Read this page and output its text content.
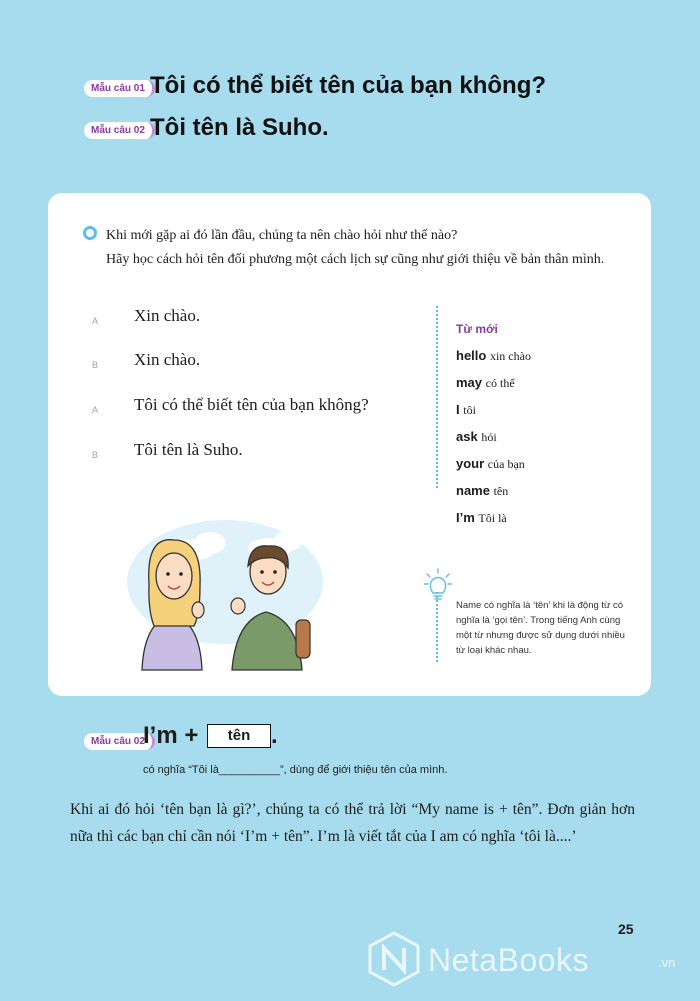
Mẫu câu 01 Tôi có thể biết tên của bạn không?
Mẫu câu 02 Tôi tên là Suho.
Khi mới gặp ai đó lần đầu, chúng ta nên chào hỏi như thế nào?
Hãy học cách hỏi tên đối phương một cách lịch sự cũng như giới thiệu về bản thân mình.
A Xin chào.
B Xin chào.
A Tôi có thể biết tên của bạn không?
B Tôi tên là Suho.
Từ mới
hello xin chào
may có thể
I tôi
ask hỏi
your của bạn
name tên
I’m Tôi là
Name có nghĩa là ‘tên’ khi là động từ có nghĩa là ‘gọi tên’. Trong tiếng Anh cùng một từ nhưng được sử dụng dưới nhiều từ loại khác nhau.
Mẫu câu 02
I’m + tên .
có nghĩa “Tôi là__________”, dùng để giới thiệu tên của mình.
Khi ai đó hỏi ‘tên bạn là gì?’, chúng ta có thể trả lời “My name is + tên”. Đơn giản hơn nữa thì các bạn chỉ cần nói ‘I’m + tên”. I’m là viết tắt của I am có nghĩa ‘tôi là....’
25
NetaBooks	.vn
